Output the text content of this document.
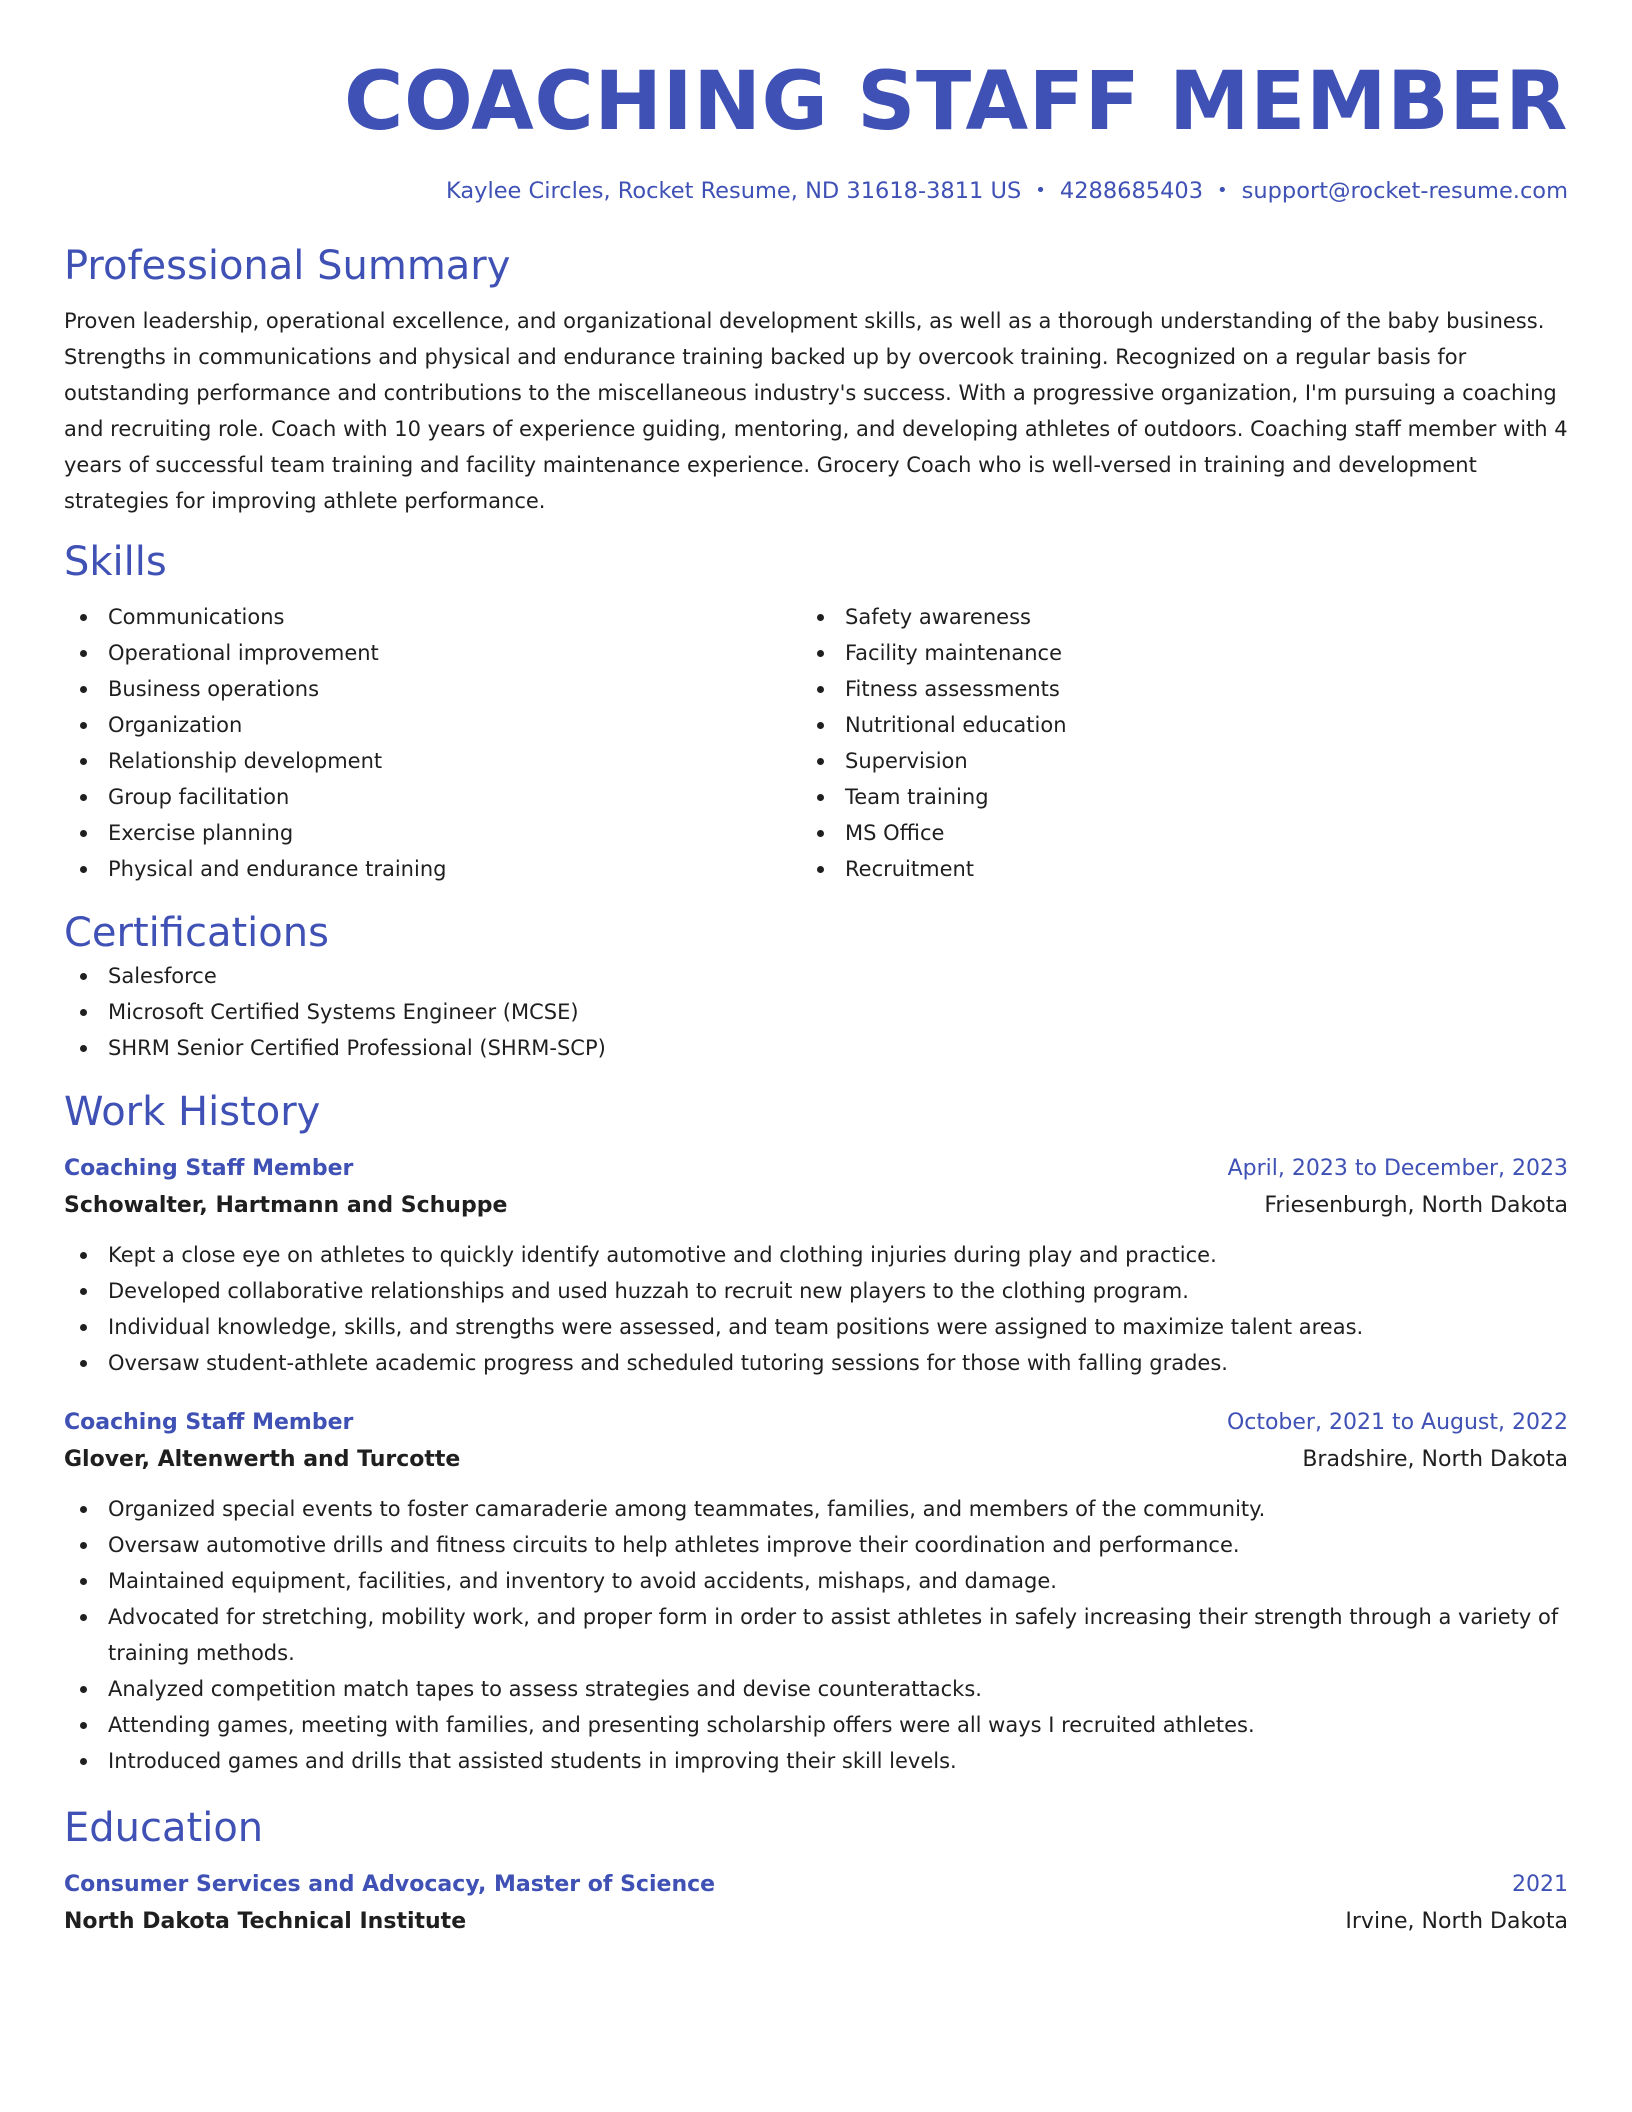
COACHING STAFF MEMBER
Kaylee Circles, Rocket Resume, ND 31618-3811 US • 4288685403 • support@rocket-resume.com
Professional Summary
Proven leadership, operational excellence, and organizational development skills, as well as a thorough understanding of the baby business. Strengths in communications and physical and endurance training backed up by overcook training. Recognized on a regular basis for outstanding performance and contributions to the miscellaneous industry's success. With a progressive organization, I'm pursuing a coaching and recruiting role. Coach with 10 years of experience guiding, mentoring, and developing athletes of outdoors. Coaching staff member with 4 years of successful team training and facility maintenance experience. Grocery Coach who is well-versed in training and development strategies for improving athlete performance.
Skills
Communications
Operational improvement
Business operations
Organization
Relationship development
Group facilitation
Exercise planning
Physical and endurance training
Safety awareness
Facility maintenance
Fitness assessments
Nutritional education
Supervision
Team training
MS Office
Recruitment
Certifications
Salesforce
Microsoft Certified Systems Engineer (MCSE)
SHRM Senior Certified Professional (SHRM-SCP)
Work History
Coaching Staff Member	April, 2023 to December, 2023
Schowalter, Hartmann and Schuppe	Friesenburgh, North Dakota
Kept a close eye on athletes to quickly identify automotive and clothing injuries during play and practice.
Developed collaborative relationships and used huzzah to recruit new players to the clothing program.
Individual knowledge, skills, and strengths were assessed, and team positions were assigned to maximize talent areas.
Oversaw student-athlete academic progress and scheduled tutoring sessions for those with falling grades.
Coaching Staff Member	October, 2021 to August, 2022
Glover, Altenwerth and Turcotte	Bradshire, North Dakota
Organized special events to foster camaraderie among teammates, families, and members of the community.
Oversaw automotive drills and fitness circuits to help athletes improve their coordination and performance.
Maintained equipment, facilities, and inventory to avoid accidents, mishaps, and damage.
Advocated for stretching, mobility work, and proper form in order to assist athletes in safely increasing their strength through a variety of training methods.
Analyzed competition match tapes to assess strategies and devise counterattacks.
Attending games, meeting with families, and presenting scholarship offers were all ways I recruited athletes.
Introduced games and drills that assisted students in improving their skill levels.
Education
Consumer Services and Advocacy, Master of Science	2021
North Dakota Technical Institute	Irvine, North Dakota
